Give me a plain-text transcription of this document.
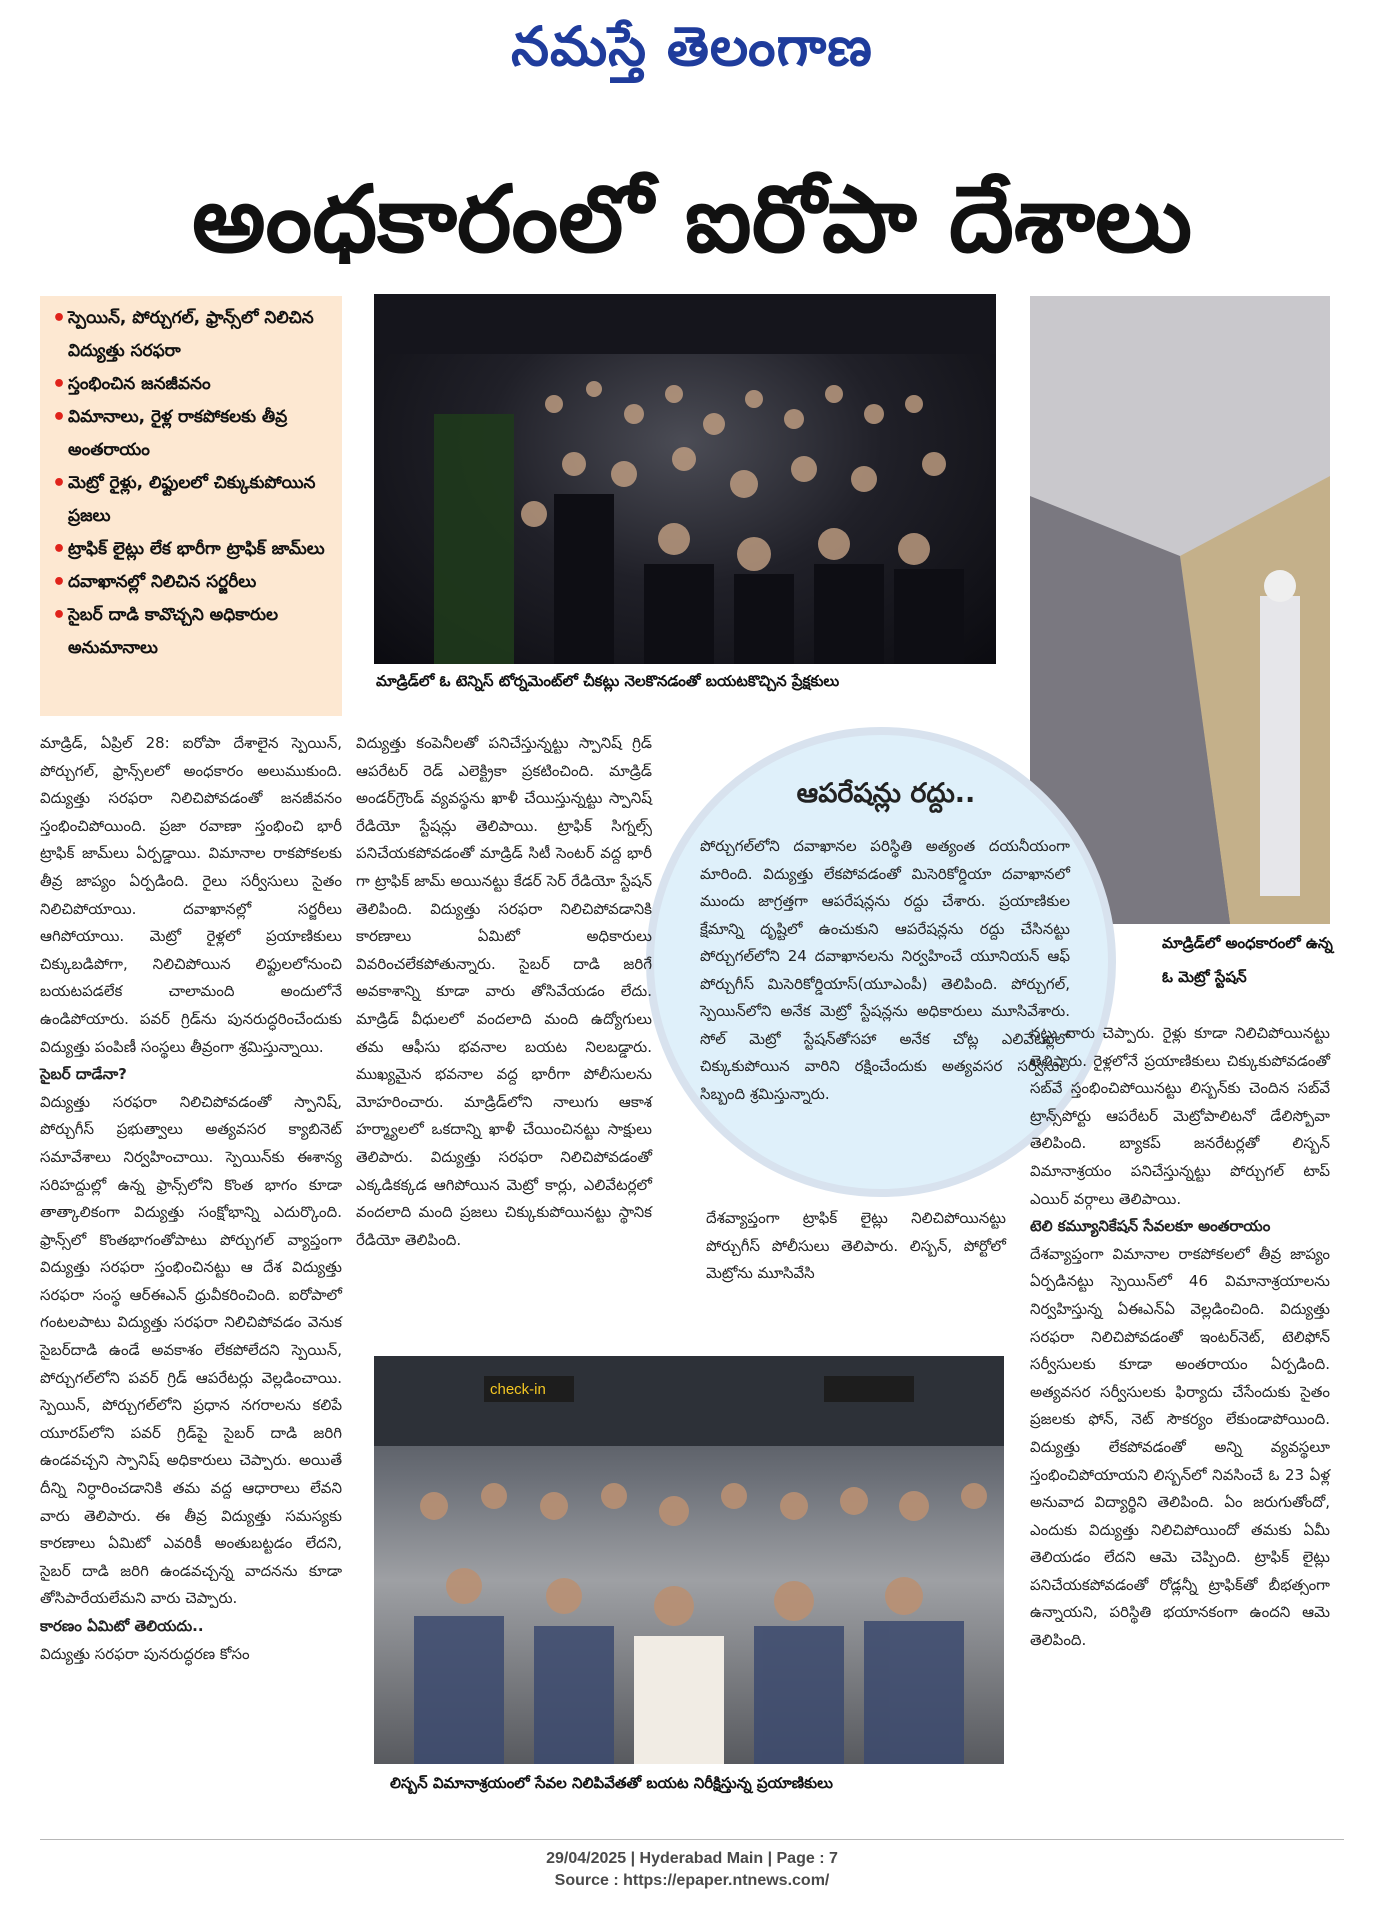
నమస్తే తెలంగాణ
అంధకారంలో ఐరోపా దేశాలు
• స్పెయిన్, పోర్చుగల్, ఫ్రాన్స్‌లో నిలిచిన విద్యుత్తు సరఫరా
• స్తంభించిన జనజీవనం
• విమానాలు, రైళ్ల రాకపోకలకు తీవ్ర అంతరాయం
• మెట్రో రైళ్లు, లిఫ్టులలో చిక్కుకుపోయిన ప్రజలు
• ట్రాఫిక్ లైట్లు లేక భారీగా ట్రాఫిక్ జామ్‌లు
• దవాఖానల్లో నిలిచిన సర్జరీలు
• సైబర్ దాడి కావొచ్చని అధికారుల అనుమానాలు
మాడ్రిడ్‌లో ఓ టెన్నిస్ టోర్నమెంట్‌లో చీకట్లు నెలకొనడంతో బయటకొచ్చిన ప్రేక్షకులు
మాడ్రిడ్‌లో అంధకారంలో ఉన్న ఓ మెట్రో స్టేషన్
ఆపరేషన్లు రద్దు..
పోర్చుగల్‌లోని దవాఖానల పరిస్థితి అత్యంత దయనీయంగా మారింది. విద్యుత్తు లేకపోవడంతో మిసెరికోర్డియా దవాఖానలో ముందు జాగ్రత్తగా ఆపరేషన్లను రద్దు చేశారు. ప్రయాణికుల క్షేమాన్ని దృష్టిలో ఉంచుకుని ఆపరేషన్లను రద్దు చేసినట్టు పోర్చుగల్‌లోని 24 దవాఖానలను నిర్వహించే యూనియన్ ఆఫ్ పోర్చుగీస్ మిసెరికోర్డియాస్(యూఎంపీ) తెలిపింది. పోర్చుగల్, స్పెయిన్‌లోని అనేక మెట్రో స్టేషన్లను అధికారులు మూసివేశారు. సోల్ మెట్రో స్టేషన్‌తోసహా అనేక చోట్ల ఎలివేటర్లలో చిక్కుకుపోయిన వారిని రక్షించేందుకు అత్యవసర సర్వీసుల సిబ్బంది శ్రమిస్తున్నారు.

మాడ్రిడ్, ఏప్రిల్ 28: ఐరోపా దేశాలైన స్పెయిన్, పోర్చుగల్, ఫ్రాన్స్‌లలో అంధకారం అలుముకుంది. విద్యుత్తు సరఫరా నిలిచిపోవడంతో జనజీవనం స్తంభించిపోయింది. ప్రజా రవాణా స్తంభించి భారీ ట్రాఫిక్ జామ్‌లు ఏర్పడ్డాయి. విమానాల రాకపోకలకు తీవ్ర జాప్యం ఏర్పడింది. రైలు సర్వీసులు సైతం నిలిచిపోయాయి. దవాఖానల్లో సర్జరీలు ఆగిపోయాయి. మెట్రో రైళ్లలో ప్రయాణికులు చిక్కుబడిపోగా, నిలిచిపోయిన లిఫ్టులలోనుంచి బయటపడలేక చాలామంది అందులోనే ఉండిపోయారు. పవర్ గ్రిడ్‌ను పునరుద్ధరించేందుకు విద్యుత్తు పంపిణీ సంస్థలు తీవ్రంగా శ్రమిస్తున్నాయి.

సైబర్ దాడేనా?

విద్యుత్తు సరఫరా నిలిచిపోవడంతో స్పానిష్, పోర్చుగీస్ ప్రభుత్వాలు అత్యవసర క్యాబినెట్ సమావేశాలు నిర్వహించాయి. స్పెయిన్‌కు ఈశాన్య సరిహద్దుల్లో ఉన్న ఫ్రాన్స్‌లోని కొంత భాగం కూడా తాత్కాలికంగా విద్యుత్తు సంక్షోభాన్ని ఎదుర్కొంది. ఫ్రాన్స్‌లో కొంతభాగంతోపాటు పోర్చుగల్ వ్యాప్తంగా విద్యుత్తు సరఫరా స్తంభించినట్టు ఆ దేశ విద్యుత్తు సరఫరా సంస్థ ఆర్‌ఈఎన్ ధ్రువీకరించింది. ఐరోపాలో గంటలపాటు విద్యుత్తు సరఫరా నిలిచిపోవడం వెనుక సైబర్‌దాడి ఉండే అవకాశం లేకపోలేదని స్పెయిన్, పోర్చుగల్‌లోని పవర్ గ్రిడ్ ఆపరేటర్లు వెల్లడించాయి. స్పెయిన్, పోర్చుగల్‌లోని ప్రధాన నగరాలను కలిపే యూరప్‌లోని పవర్ గ్రిడ్‌పై సైబర్ దాడి జరిగి ఉండవచ్చని స్పానిష్ అధికారులు చెప్పారు. అయితే దీన్ని నిర్ధారించడానికి తమ వద్ద ఆధారాలు లేవని వారు తెలిపారు. ఈ తీవ్ర విద్యుత్తు సమస్యకు కారణాలు ఏమిటో ఎవరికీ అంతుబట్టడం లేదని, సైబర్ దాడి జరిగి ఉండవచ్చన్న వాదనను కూడా తోసిపారేయలేమని వారు చెప్పారు.

కారణం ఏమిటో తెలియదు..

విద్యుత్తు సరఫరా పునరుద్ధరణ కోసం

విద్యుత్తు కంపెనీలతో పనిచేస్తున్నట్టు స్పానిష్ గ్రిడ్ ఆపరేటర్ రెడ్ ఎలెక్ట్రికా ప్రకటించింది. మాడ్రిడ్ అండర్‌గ్రౌండ్ వ్యవస్థను ఖాళీ చేయిస్తున్నట్టు స్పానిష్ రేడియో స్టేషన్లు తెలిపాయి. ట్రాఫిక్ సిగ్నల్స్ పనిచేయకపోవడంతో మాడ్రిడ్ సిటీ సెంటర్ వద్ద భారీ గా ట్రాఫిక్ జామ్ అయినట్టు కేడర్ సెర్ రేడియో స్టేషన్ తెలిపింది. విద్యుత్తు సరఫరా నిలిచిపోవడానికి కారణాలు ఏమిటో అధికారులు వివరించలేకపోతున్నారు. సైబర్ దాడి జరిగే అవకాశాన్ని కూడా వారు తోసివేయడం లేదు. మాడ్రిడ్ వీధులలో వందలాది మంది ఉద్యోగులు తమ ఆఫీసు భవనాల బయట నిలబడ్డారు. ముఖ్యమైన భవనాల వద్ద భారీగా పోలీసులను మోహరించారు. మాడ్రిడ్‌లోని నాలుగు ఆకాశ హర్మ్యాలలో ఒకదాన్ని ఖాళీ చేయించినట్టు సాక్షులు తెలిపారు. విద్యుత్తు సరఫరా నిలిచిపోవడంతో ఎక్కడికక్కడ ఆగిపోయిన మెట్రో కార్లు, ఎలివేటర్లలో వందలాది మంది ప్రజలు చిక్కుకుపోయినట్టు స్థానిక రేడియో తెలిపింది.

దేశవ్యాప్తంగా ట్రాఫిక్ లైట్లు నిలిచిపోయినట్టు పోర్చుగీస్ పోలీసులు తెలిపారు. లిస్బన్, పోర్టోలో మెట్రోను మూసివేసి

నట్టు వారు చెప్పారు. రైళ్లు కూడా నిలిచిపోయినట్టు తెలిపారు. రైళ్లలోనే ప్రయాణికులు చిక్కుకుపోవడంతో సబ్‌వే స్తంభించిపోయినట్టు లిస్బన్‌కు చెందిన సబ్‌వే ట్రాన్స్‌పోర్టు ఆపరేటర్ మెట్రోపాలిటనో డేలిస్బోవా తెలిపింది. బ్యాకప్ జనరేటర్లతో లిస్బన్ విమానాశ్రయం పనిచేస్తున్నట్టు పోర్చుగల్ టాప్ ఎయిర్ వర్గాలు తెలిపాయి.

టెలి కమ్యూనికేషన్ సేవలకూ అంతరాయం

దేశవ్యాప్తంగా విమానాల రాకపోకలలో తీవ్ర జాప్యం ఏర్పడినట్టు స్పెయిన్‌లో 46 విమానాశ్రయాలను నిర్వహిస్తున్న ఏఈఎన్ఏ వెల్లడించింది. విద్యుత్తు సరఫరా నిలిచిపోవడంతో ఇంటర్‌నెట్, టెలిఫోన్ సర్వీసులకు కూడా అంతరాయం ఏర్పడింది. అత్యవసర సర్వీసులకు ఫిర్యాదు చేసేందుకు సైతం ప్రజలకు ఫోన్, నెట్ సౌకర్యం లేకుండాపోయింది. విద్యుత్తు లేకపోవడంతో అన్ని వ్యవస్థలూ స్తంభించిపోయాయని లిస్బన్‌లో నివసించే ఓ 23 ఏళ్ల అనువాద విద్యార్థిని తెలిపింది. ఏం జరుగుతోందో, ఎందుకు విద్యుత్తు నిలిచిపోయిందో తమకు ఏమీ తెలియడం లేదని ఆమె చెప్పింది. ట్రాఫిక్ లైట్లు పనిచేయకపోవడంతో రోడ్లన్నీ ట్రాఫిక్‌తో బీభత్సంగా ఉన్నాయని, పరిస్థితి భయానకంగా ఉందని ఆమె తెలిపింది.

check-in
లిస్బన్ విమానాశ్రయంలో సేవల నిలిపివేతతో బయట నిరీక్షిస్తున్న ప్రయాణికులు
29/04/2025 | Hyderabad Main | Page : 7
Source : https://epaper.ntnews.com/
